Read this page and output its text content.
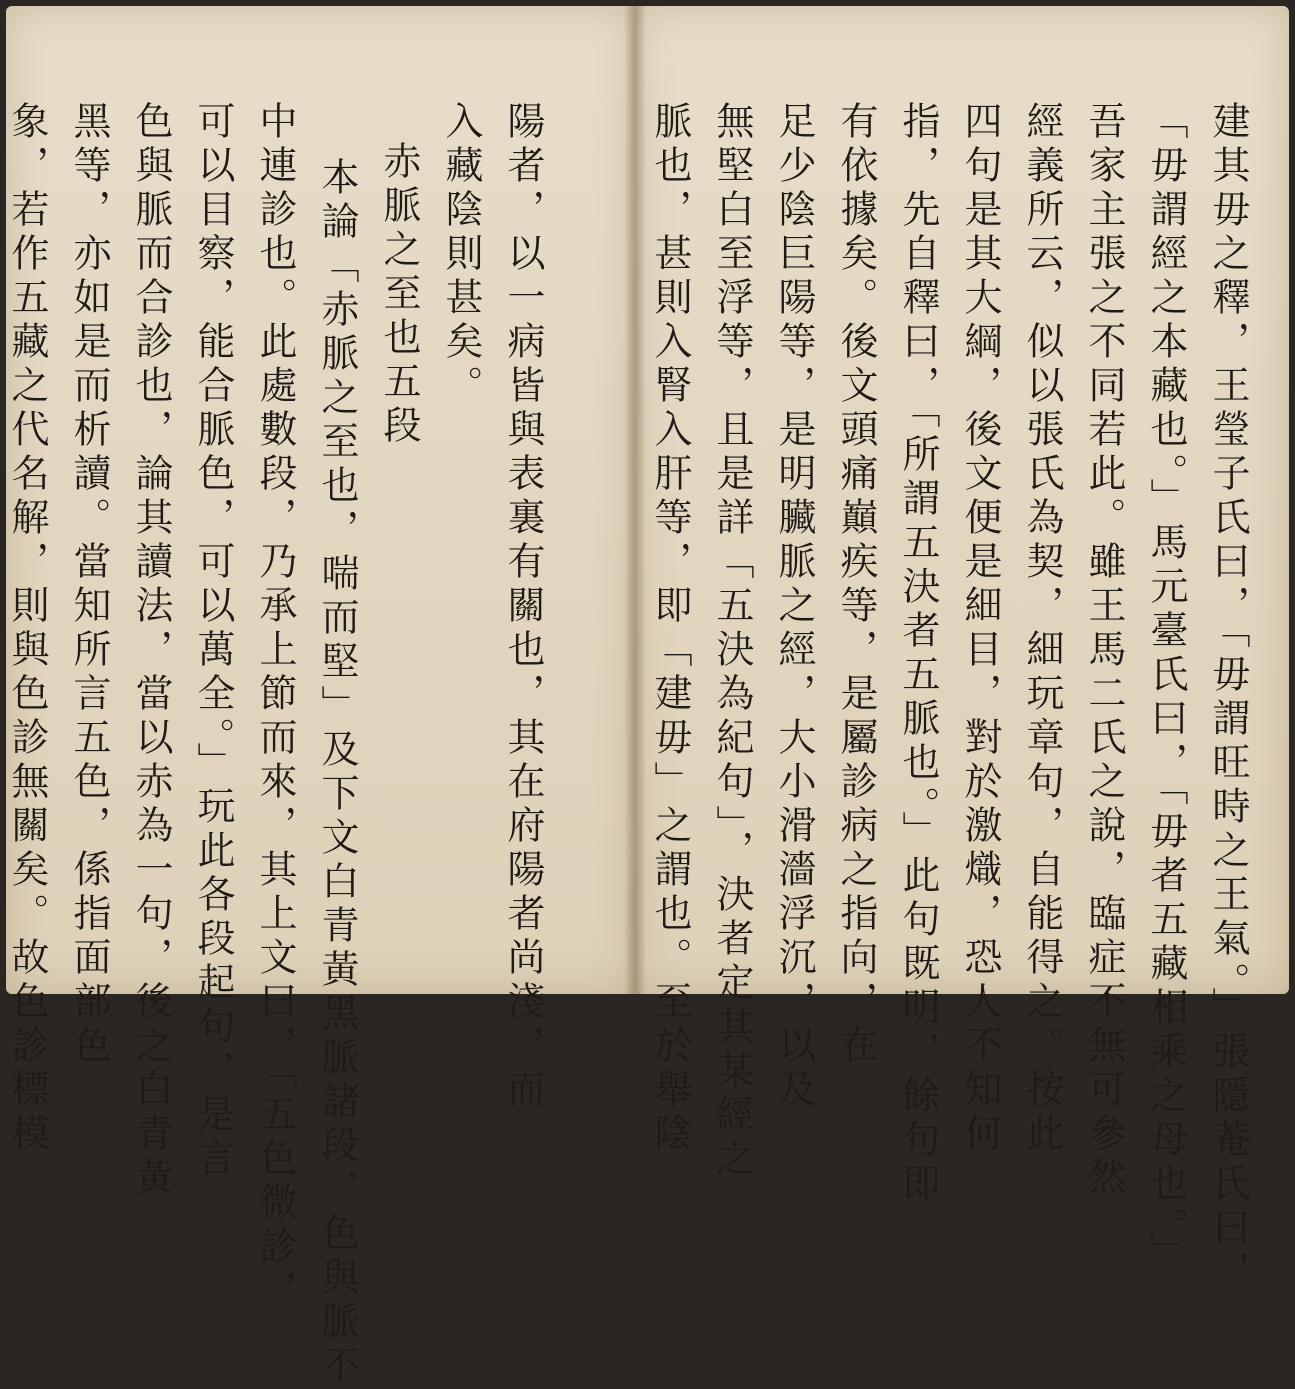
陽者，以一病皆與表裏有關也，其在府陽者尚淺，而
入藏陰則甚矣。
赤脈之至也五段
本論「赤脈之至也，喘而堅」及下文白青黃黑脈諸段，色與脈不
中連診也。此處數段，乃承上節而來，其上文曰，「五色微診，
可以目察，能合脈色，可以萬全。」玩此各段起句，是言
色與脈而合診也，論其讀法，當以赤為一句，後之白青黃
黑等，亦如是而析讀。當知所言五色，係指面部色
象，若作五藏之代名解，則與色診無關矣。故色診標模	建其毋之釋，王瑩子氏曰，「毋謂旺時之王氣。」張隱菴氏曰，
「毋謂經之本藏也。」馬元臺氏曰，「毋者五藏相乘之母也。」
吾家主張之不同若此。雖王馬二氏之說，臨症不無可參然
經義所云，似以張氏為契，細玩章句，自能得之。按此
四句是其大綱，後文便是細目，對於激熾，恐人不知何
指，先自釋曰，「所謂五決者五脈也。」此句既明，餘句即
有依據矣。後文頭痛巔疾等，是屬診病之指向，在
足少陰巨陽等，是明臟脈之經，大小滑濇浮沉，以及
無堅白至浮等，且是詳「五決為紀句」，決者定其某經之
脈也，甚則入腎入肝等，即「建毋」之謂也。至於舉陰
